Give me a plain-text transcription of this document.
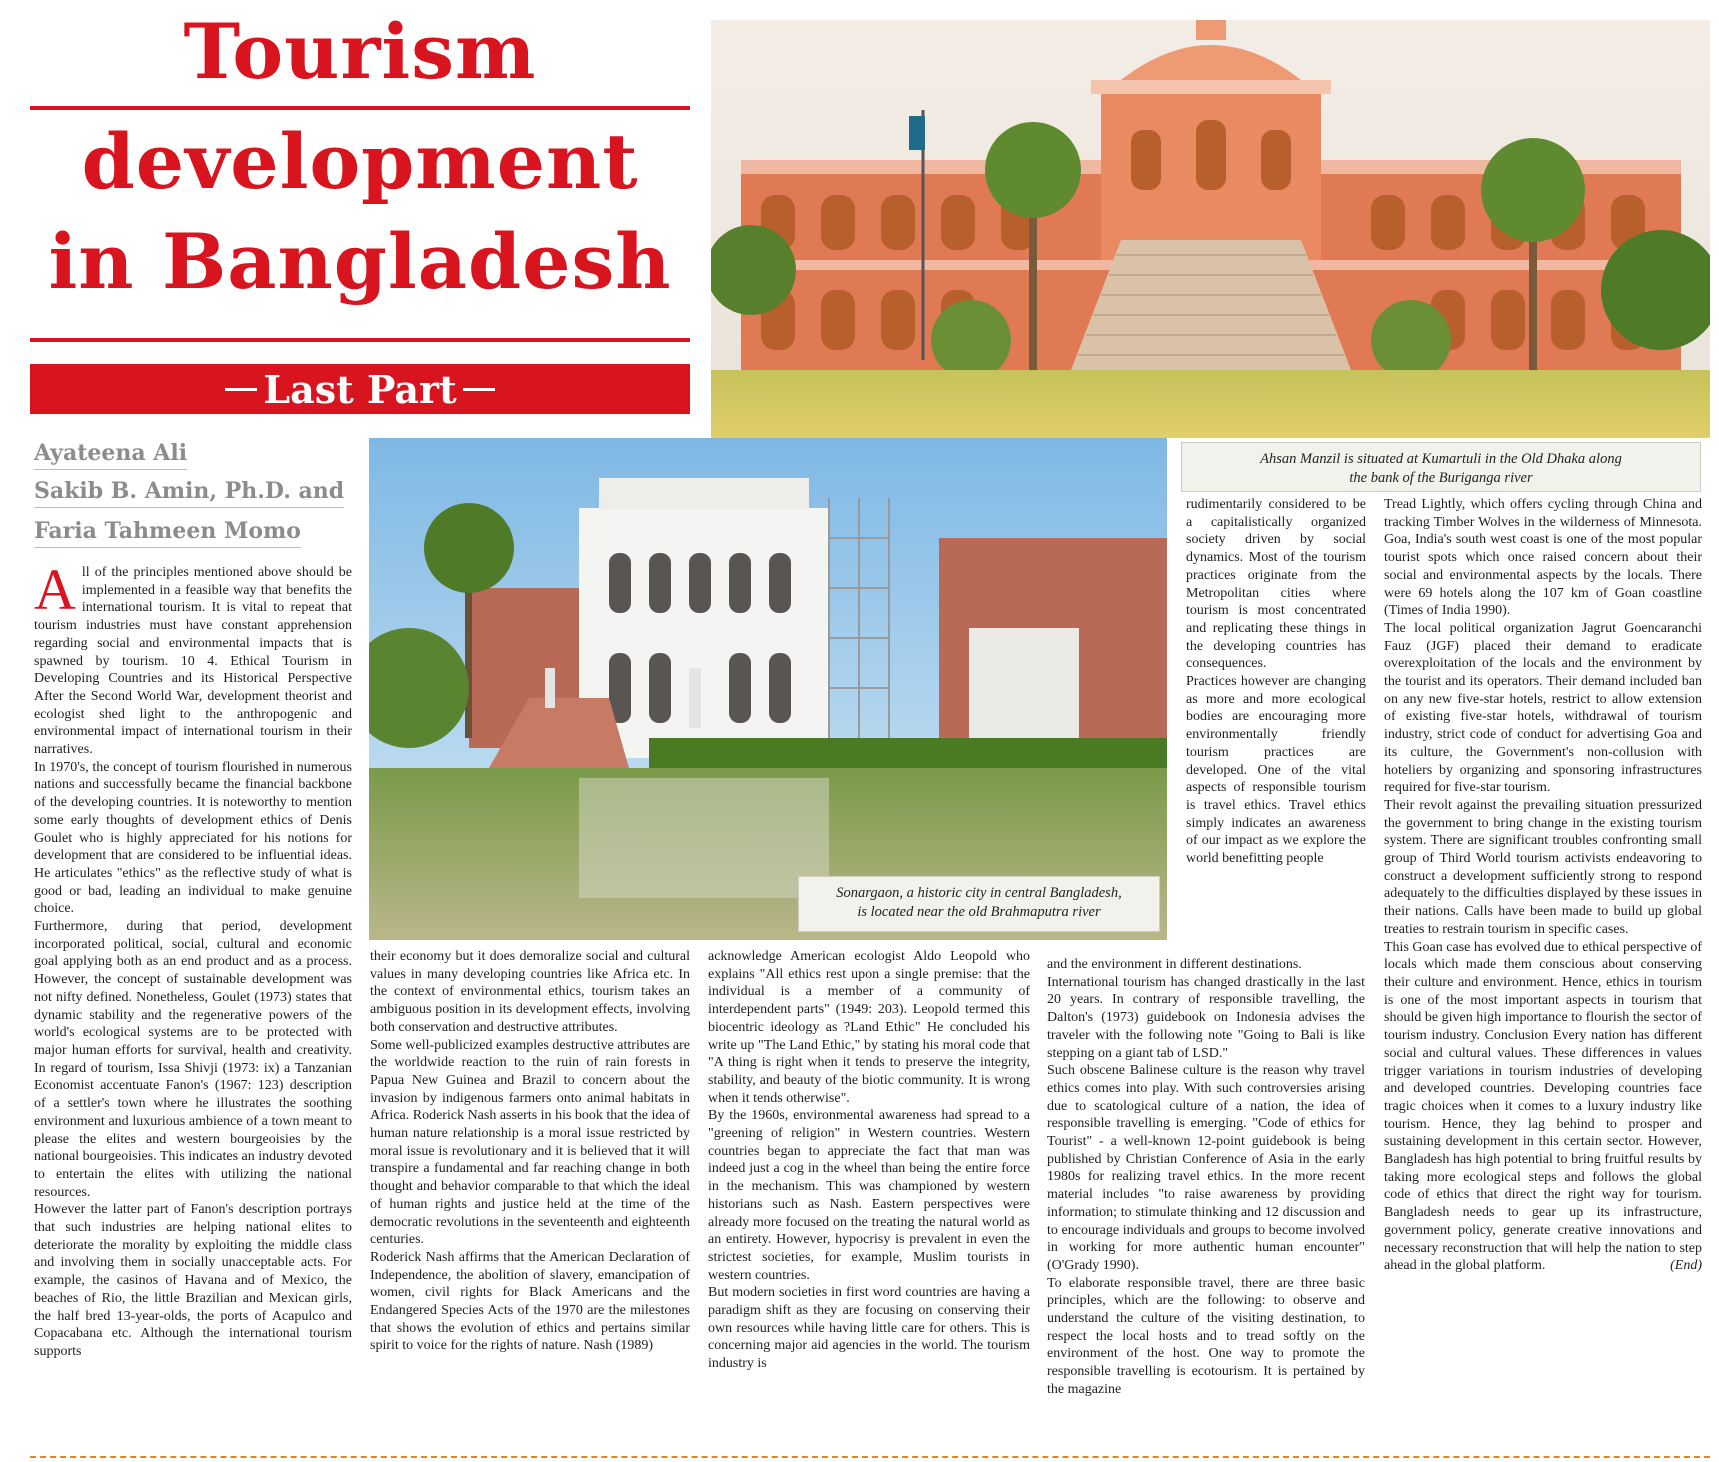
Tourism
development
in Bangladesh
Last Part
Ayateena Ali
Sakib B. Amin, Ph.D. and
Faria Tahmeen Momo
Ahsan Manzil is situated at Kumartuli in the Old Dhaka along
the bank of the Buriganga river
Sonargaon, a historic city in central Bangladesh,
is located near the old Brahmaputra river

All of the principles mentioned above should be implemented in a feasible way that benefits the international tourism. It is vital to repeat that tourism industries must have constant apprehension regarding social and environmental impacts that is spawned by tourism. 10 4. Ethical Tourism in Developing Countries and its Historical Perspective After the Second World War, development theorist and ecologist shed light to the anthropogenic and environmental impact of international tourism in their narratives.

In 1970's, the concept of tourism flourished in numerous nations and successfully became the financial backbone of the developing countries. It is noteworthy to mention some early thoughts of development ethics of Denis Goulet who is highly appreciated for his notions for development that are considered to be influential ideas. He articulates "ethics" as the reflective study of what is good or bad, leading an individual to make genuine choice.

Furthermore, during that period, development incorporated political, social, cultural and economic goal applying both as an end product and as a process. However, the concept of sustainable development was not nifty defined. Nonetheless, Goulet (1973) states that dynamic stability and the regenerative powers of the world's ecological systems are to be protected with major human efforts for survival, health and creativity. In regard of tourism, Issa Shivji (1973: ix) a Tanzanian Economist accentuate Fanon's (1967: 123) description of a settler's town where he illustrates the soothing environment and luxurious ambience of a town meant to please the elites and western bourgeoisies by the national bourgeoisies. This indicates an industry devoted to entertain the elites with utilizing the national resources.

However the latter part of Fanon's description portrays that such industries are helping national elites to deteriorate the morality by exploiting the middle class and involving them in socially unacceptable acts. For example, the casinos of Havana and of Mexico, the beaches of Rio, the little Brazilian and Mexican girls, the half bred 13-year-olds, the ports of Acapulco and Copacabana etc. Although the international tourism supports

their economy but it does demoralize social and cultural values in many developing countries like Africa etc. In the context of environmental ethics, tourism takes an ambiguous position in its development effects, involving both conservation and destructive attributes.

Some well-publicized examples destructive attributes are the worldwide reaction to the ruin of rain forests in Papua New Guinea and Brazil to concern about the invasion by indigenous farmers onto animal habitats in Africa. Roderick Nash asserts in his book that the idea of human nature relationship is a moral issue restricted by moral issue is revolutionary and it is believed that it will transpire a fundamental and far reaching change in both thought and behavior comparable to that which the ideal of human rights and justice held at the time of the democratic revolutions in the seventeenth and eighteenth centuries.

Roderick Nash affirms that the American Declaration of Independence, the abolition of slavery, emancipation of women, civil rights for Black Americans and the Endangered Species Acts of the 1970 are the milestones that shows the evolution of ethics and pertains similar spirit to voice for the rights of nature. Nash (1989)

acknowledge American ecologist Aldo Leopold who explains "All ethics rest upon a single premise: that the individual is a member of a community of interdependent parts" (1949: 203). Leopold termed this biocentric ideology as ?Land Ethic" He concluded his write up "The Land Ethic," by stating his moral code that "A thing is right when it tends to preserve the integrity, stability, and beauty of the biotic community. It is wrong when it tends otherwise".

By the 1960s, environmental awareness had spread to a "greening of religion" in Western countries. Western countries began to appreciate the fact that man was indeed just a cog in the wheel than being the entire force in the mechanism. This was championed by western historians such as Nash. Eastern perspectives were already more focused on the treating the natural world as an entirety. However, hypocrisy is prevalent in even the strictest societies, for example, Muslim tourists in western countries.

But modern societies in first word countries are having a paradigm shift as they are focusing on conserving their own resources while having little care for others. This is concerning major aid agencies in the world. The tourism industry is

rudimentarily considered to be a capitalistically organized society driven by social dynamics. Most of the tourism practices originate from the Metropolitan cities where tourism is most concentrated and replicating these things in the developing countries has consequences.

Practices however are changing as more and more ecological bodies are encouraging more environmentally friendly tourism practices are developed. One of the vital aspects of responsible tourism is travel ethics. Travel ethics simply indicates an awareness of our impact as we explore the world benefitting people

and the environment in different destinations.

International tourism has changed drastically in the last 20 years. In contrary of responsible travelling, the Dalton's (1973) guidebook on Indonesia advises the traveler with the following note "Going to Bali is like stepping on a giant tab of LSD."

Such obscene Balinese culture is the reason why travel ethics comes into play. With such controversies arising due to scatological culture of a nation, the idea of responsible travelling is emerging. "Code of ethics for Tourist" - a well-known 12-point guidebook is being published by Christian Conference of Asia in the early 1980s for realizing travel ethics. In the more recent material includes "to raise awareness by providing information; to stimulate thinking and 12 discussion and to encourage individuals and groups to become involved in working for more authentic human encounter" (O'Grady 1990).

To elaborate responsible travel, there are three basic principles, which are the following: to observe and understand the culture of the visiting destination, to respect the local hosts and to tread softly on the environment of the host. One way to promote the responsible travelling is ecotourism. It is pertained by the magazine

Tread Lightly, which offers cycling through China and tracking Timber Wolves in the wilderness of Minnesota. Goa, India's south west coast is one of the most popular tourist spots which once raised concern about their social and environmental aspects by the locals. There were 69 hotels along the 107 km of Goan coastline (Times of India 1990).

The local political organization Jagrut Goencaranchi Fauz (JGF) placed their demand to eradicate overexploitation of the locals and the environment by the tourist and its operators. Their demand included ban on any new five-star hotels, restrict to allow extension of existing five-star hotels, withdrawal of tourism industry, strict code of conduct for advertising Goa and its culture, the Government's non-collusion with hoteliers by organizing and sponsoring infrastructures required for five-star tourism.

Their revolt against the prevailing situation pressurized the government to bring change in the existing tourism system. There are significant troubles confronting small group of Third World tourism activists endeavoring to construct a development sufficiently strong to respond adequately to the difficulties displayed by these issues in their nations. Calls have been made to build up global treaties to restrain tourism in specific cases.

This Goan case has evolved due to ethical perspective of locals which made them conscious about conserving their culture and environment. Hence, ethics in tourism is one of the most important aspects in tourism that should be given high importance to flourish the sector of tourism industry. Conclusion Every nation has different social and cultural values. These differences in values trigger variations in tourism industries of developing and developed countries. Developing countries face tragic choices when it comes to a luxury industry like tourism. Hence, they lag behind to prosper and sustaining development in this certain sector. However, Bangladesh has high potential to bring fruitful results by taking more ecological steps and follows the global code of ethics that direct the right way for tourism. Bangladesh needs to gear up its infrastructure, government policy, generate creative innovations and necessary reconstruction that will help the nation to step ahead in the global platform.	(End)
